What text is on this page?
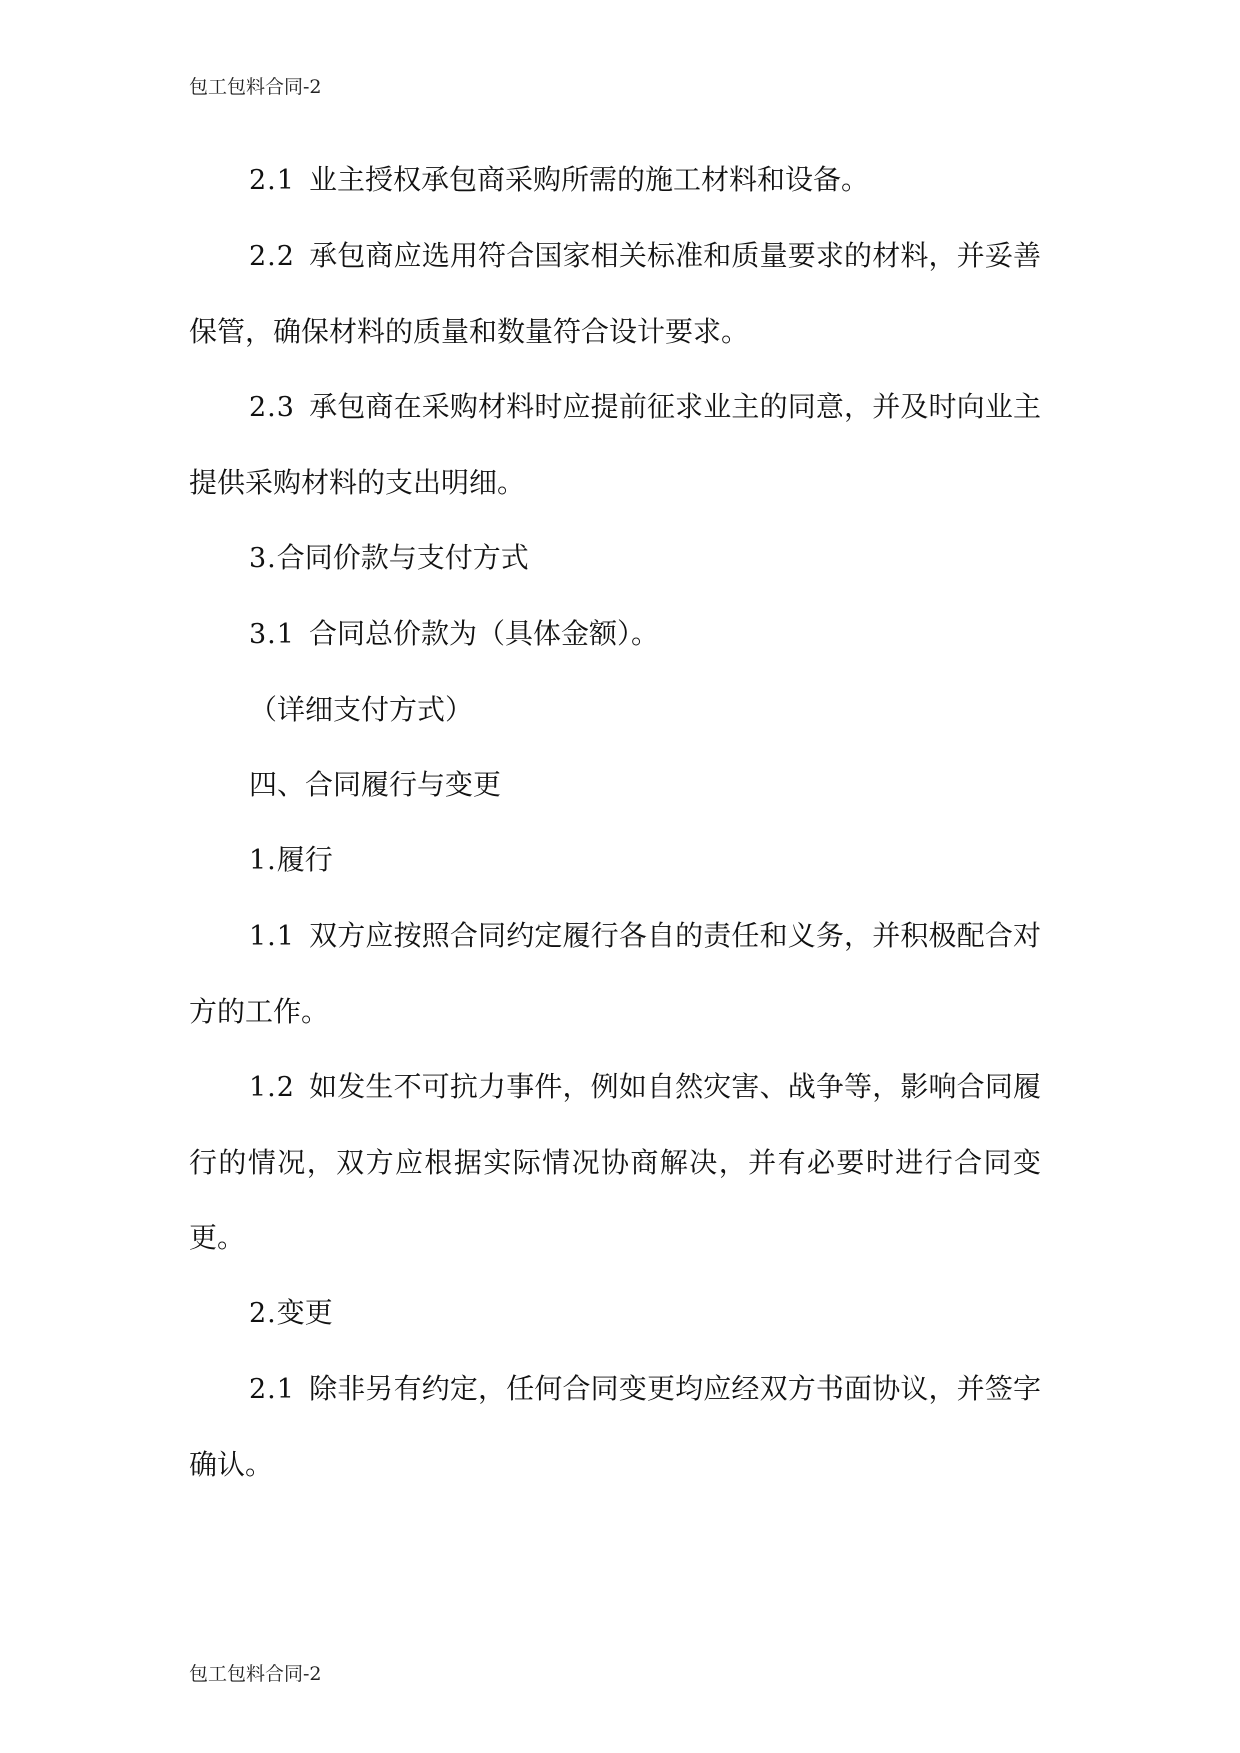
包工包料合同-2

2.1 业主授权承包商采购所需的施工材料和设备。

2.2 承包商应选用符合国家相关标准和质量要求的材料，并妥善保管，确保材料的质量和数量符合设计要求。

2.3 承包商在采购材料时应提前征求业主的同意，并及时向业主提供采购材料的支出明细。

3.合同价款与支付方式

3.1 合同总价款为（具体金额）。

（详细支付方式）

四、合同履行与变更

1.履行

1.1 双方应按照合同约定履行各自的责任和义务，并积极配合对方的工作。

1.2 如发生不可抗力事件，例如自然灾害、战争等，影响合同履行的情况，双方应根据实际情况协商解决，并有必要时进行合同变更。

2.变更

2.1 除非另有约定，任何合同变更均应经双方书面协议，并签字确认。

包工包料合同-2
